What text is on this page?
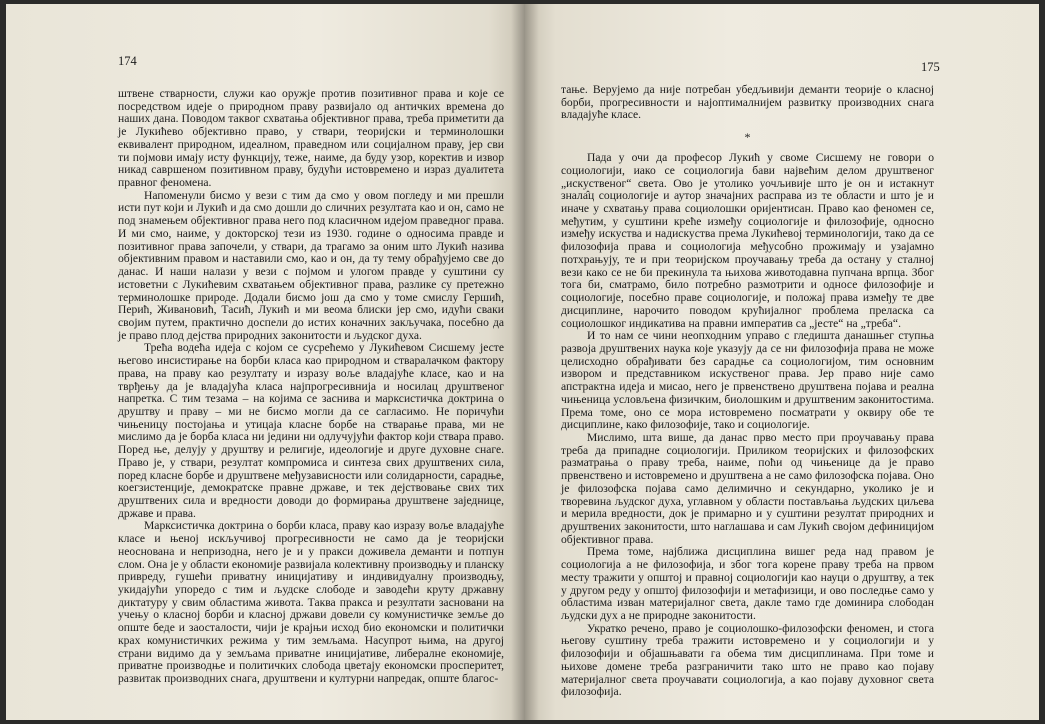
174

штвене стварности, служи као оружје против позитивног права и које се посредством идеје о природном праву развијало од античких времена до наших дана. Поводом таквог схватања објективног права, треба приметити да је Лукићево објективно право, у ствари, теоријски и терминолошки еквивалент природном, идеалном, праведном или социјалном праву, јер сви ти појмови имају исту функцију, тежe, наиме, да буду узор, коректив и извор никад савршеном позитивном праву, будући истовремено и израз дуалитета правног феномена.

Напоменули бисмо у вези с тим да смо у овом погледу и ми прешли исти пут који и Лукић и да смо дошли до сличних резултата као и он, само не под знамењем објективног права него под класичном идејом праведног права. И ми смо, наиме, у докторској тези из 1930. године о односима правде и позитивног права започели, у ствари, да трагамо за оним што Лукић назива објективним правом и наставили смо, као и он, да ту тему обрађујемо све до данас. И наши налази у вези с појмом и улогом правде у суштини су истоветни с Лукићевим схватањем објективног права, разлике су претежно терминолошке природе. Додали бисмо још да смо у томе смислу Гершић, Перић, Живановић, Тасић, Лукић и ми веома блиски јер смо, идући сваки својим путем, практично доспели до истих коначних закључака, посебно да је право плод дејства природних законитости и људског духа.

Трећа водећа идеја с којом се сусрећемо у Лукићевом Сисшему јесте његово инсистирање на борби класа као природном и стваралачком фактору права, на праву као резултату и изразу воље владајуће класе, као и на тврђењу да је владајућа класа најпрогресивнија и носилац друштвеног напретка. С тим тезама – на којима се заснива и марксистичка доктрина о друштву и праву – ми не бисмо могли да се сагласимо. Не поричући чињеницу постојања и утицаја класне борбе на стварање права, ми не мислимо да је борба класа ни једини ни одлучујући фактор који ствара право. Поред ње, делују у друштву и религије, идеологије и друге духовне снаге. Право је, у ствари, резултат компромиса и синтеза свих друштвених сила, поред класне борбе и друштвене међузависности или солидарности, сарадње, коегзистенције, демократске правне државе, и тек дејствовање свих тих друштвених сила и вредности доводи до формирања друштвене заједнице, државе и права.

Марксистичка доктрина о борби класа, праву као изразу воље владајуће класе и њеној искључивој прогресивности не само да је теоријски неоснована и непризодна, него је и у пракси доживела деманти и потпун слом. Она је у области економије развијала колективну производњу и планску привреду, гушећи приватну иницијативу и индивидуалну производњу, укидајући упоредо с тим и људске слободе и заводећи круту државну диктатуру у свим областима живота. Таква пракса и резултати засновани на учењу о класној борби и класној држави довели су комунистичке земље до опште беде и заосталости, чији је крајњи исход био економски и политички крах комунистичких режима у тим земљама. Насупрот њима, на другој страни видимо да у земљама приватне иницијативе, либералне економије, приватне производње и политичких слобода цветају економски просперитет, развитак производних снага, друштвени и културни напредак, опште благос-

175

тање. Верујемо да није потребан убедљивији деманти теорије о класној борби, прогресивности и најоптималнијем развитку производних снага владајуће класе.

*

Пада у очи да професор Лукић у своме Сисшему не говори о социологији, иако се социологија бави највећим делом друштвеног „искуственог“ света. Ово је утолико уочљивије што је он и истакнут знала̂ц социологије и аутор значајних расправа из те области и што је и иначе у схватању права социолошки оријентисан. Право као феномен се, међутим, у суштини креће између социологије и филозофије, односно између искуства и надискуства према Лукићевој терминологији, тако да се филозофија права и социологија међусобно прожимају и узајамно потхрањују, те и при теоријском проучавању треба да остану у сталној вези како се не би прекинула та њихова животодавна пупчана врпца. Због тога би, сматрамо, било потребно размотрити и односе филозофије и социологије, посебно праве социологије, и положај права између те две дисциплине, нарочито поводом крућијалног проблема преласка са социолошког индикатива на правни императив са „јесте“ на „треба“.

И то нам се чини неопходним управо с гледишта данашњег ступња развоја друштвених наука које указују да се ни филозофија права не може целисходно обрађивати без сарадње са социологијом, тим основним извором и представником искуственог права. Јер право није само апстрактна идеја и мисао, него је првенствено друштвена појава и реална чињеница условљена физичким, биолошким и друштвеним законитостима. Према томе, оно се мора истовремено посматрати у оквиру обе те дисциплине, како филозофије, тако и социологије.

Мислимо, шта више, да данас прво место при проучавању права треба да припадне социологији. Приликом теоријских и филозофских разматрања о праву треба, наиме, поћи од чињенице да је право првенствено и истовремено и друштвена а не само филозофска појава. Оно је филозофска појава само делимично и секундарно, уколико је и творевина људског духа, углавном у области постављања људских циљева и мерила вредности, док је примарно и у суштини резултат природних и друштвених законитости, што наглашава и сам Лукић својом дефиницијом објективног права.

Према томе, најближа дисциплина вишег реда над правом је социологија а не филозофија, и због тога корене праву треба на првом месту тражити у општој и правној социологији као науци о друштву, а тек у другом реду у општој филозофији и метафизици, и ово последње само у областима изван материјалног света, дакле тамо где доминира слободан људски дух а не природне законитости.

Укратко речено, право је социолошко-филозофски феномен, и стога његову суштину треба тражити истовремено и у социологији и у филозофији и објашњавати га обема тим дисциплинама. При томе и њихове домене треба разграничити тако што не право као појаву материјалног света проучавати социологија, а као појаву духовног света филозофија.
